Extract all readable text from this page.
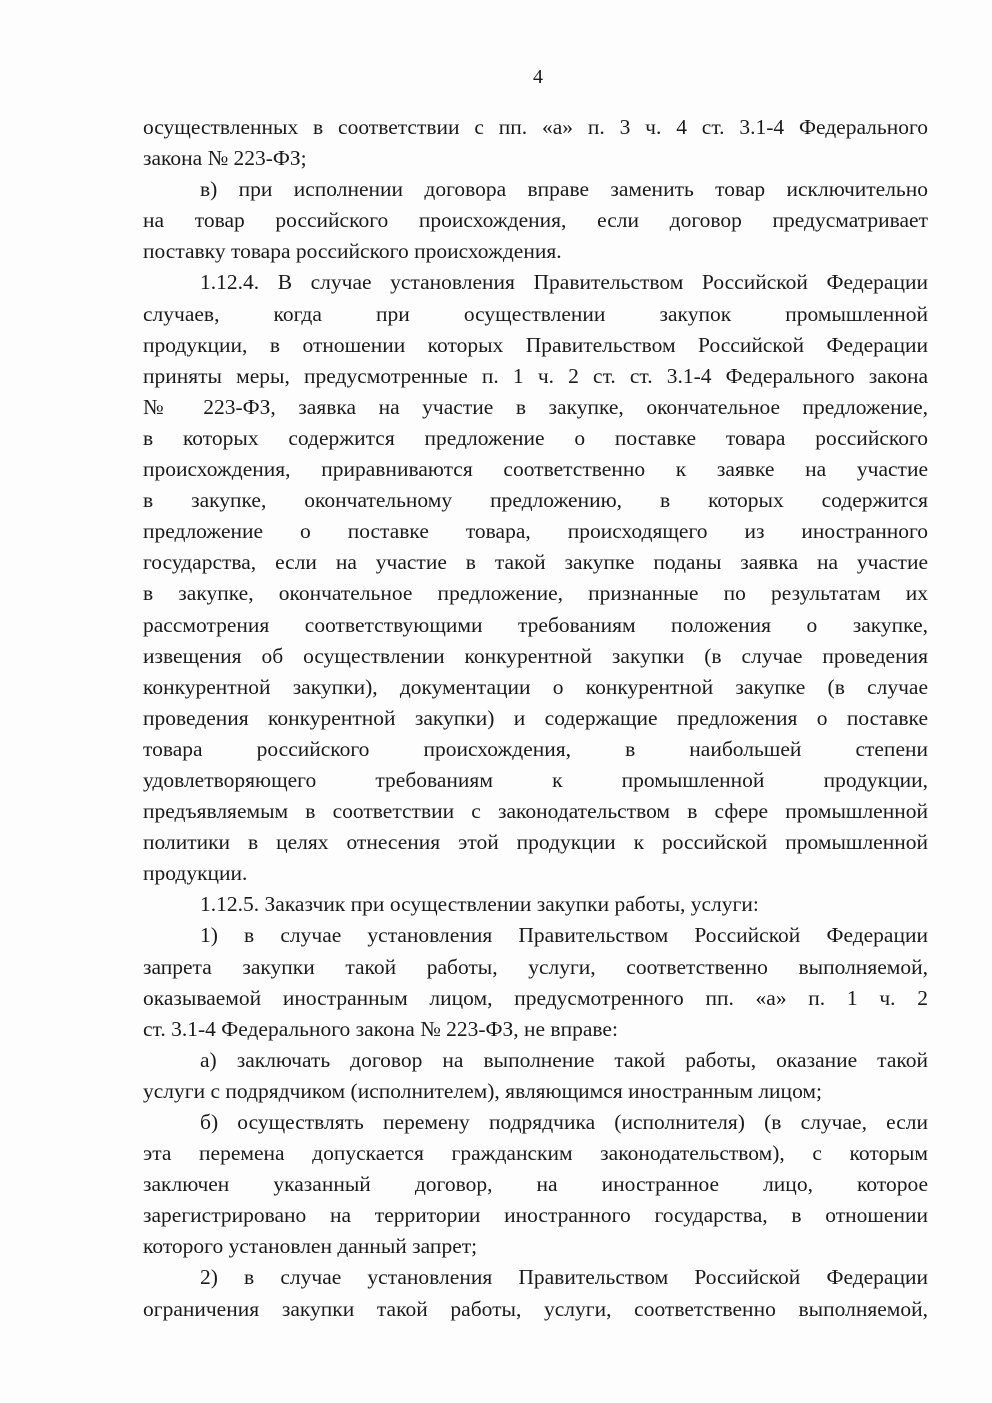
4
осуществленных в соответствии с пп. «а» п. 3 ч. 4 ст. 3.1-4 Федерального
закона № 223-ФЗ;
в) при исполнении договора вправе заменить товар исключительно
на товар российского происхождения, если договор предусматривает
поставку товара российского происхождения.
1.12.4. В случае установления Правительством Российской Федерации
случаев, когда при осуществлении закупок промышленной
продукции, в отношении которых Правительством Российской Федерации
приняты меры, предусмотренные п. 1 ч. 2 ст. ст. 3.1-4 Федерального закона
№ 223-ФЗ, заявка на участие в закупке, окончательное предложение,
в которых содержится предложение о поставке товара российского
происхождения, приравниваются соответственно к заявке на участие
в закупке, окончательному предложению, в которых содержится
предложение о поставке товара, происходящего из иностранного
государства, если на участие в такой закупке поданы заявка на участие
в закупке, окончательное предложение, признанные по результатам их
рассмотрения соответствующими требованиям положения о закупке,
извещения об осуществлении конкурентной закупки (в случае проведения
конкурентной закупки), документации о конкурентной закупке (в случае
проведения конкурентной закупки) и содержащие предложения о поставке
товара российского происхождения, в наибольшей степени
удовлетворяющего требованиям к промышленной продукции,
предъявляемым в соответствии с законодательством в сфере промышленной
политики в целях отнесения этой продукции к российской промышленной
продукции.
1.12.5. Заказчик при осуществлении закупки работы, услуги:
1) в случае установления Правительством Российской Федерации
запрета закупки такой работы, услуги, соответственно выполняемой,
оказываемой иностранным лицом, предусмотренного пп. «а» п. 1 ч. 2
ст. 3.1-4 Федерального закона № 223-ФЗ, не вправе:
а) заключать договор на выполнение такой работы, оказание такой
услуги с подрядчиком (исполнителем), являющимся иностранным лицом;
б) осуществлять перемену подрядчика (исполнителя) (в случае, если
эта перемена допускается гражданским законодательством), с которым
заключен указанный договор, на иностранное лицо, которое
зарегистрировано на территории иностранного государства, в отношении
которого установлен данный запрет;
2) в случае установления Правительством Российской Федерации
ограничения закупки такой работы, услуги, соответственно выполняемой,
